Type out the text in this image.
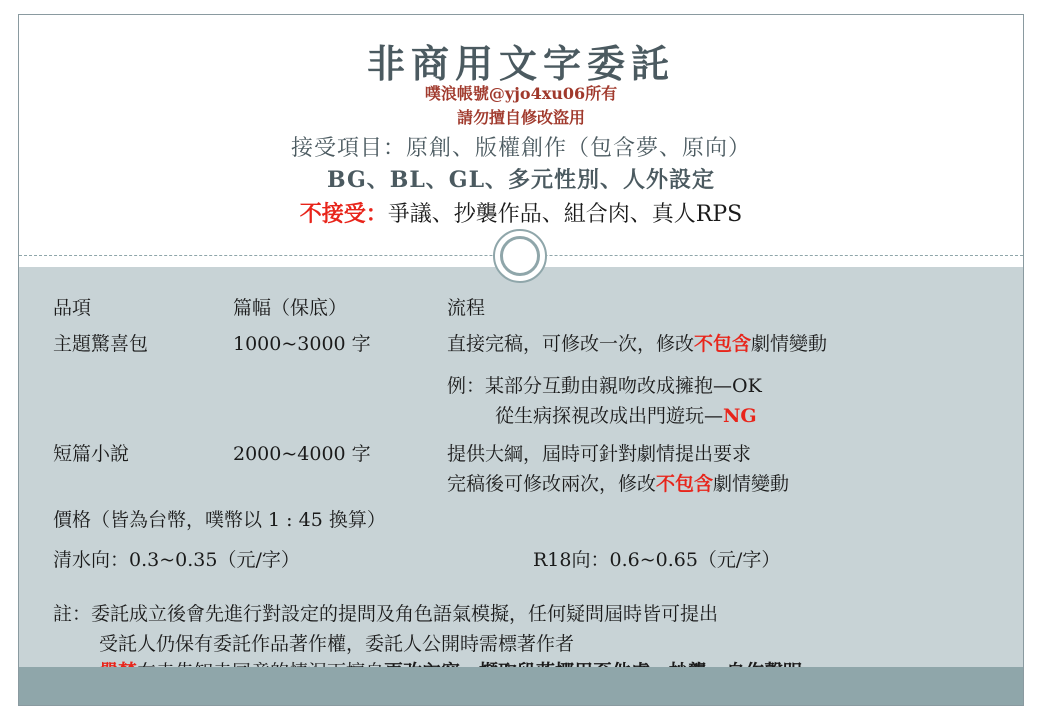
非商用文字委託
噗浪帳號@yjo4xu06所有
請勿擅自修改盜用
接受項目：原創、版權創作（包含夢、原向）
BG、BL、GL、多元性別、人外設定
不接受：爭議、抄襲作品、組合肉、真人RPS
品項	篇幅（保底）	流程
主題驚喜包	1000~3000 字	直接完稿，可修改一次，修改不包含劇情變動
例：某部分互動由親吻改成擁抱—OK
從生病探視改成出門遊玩—NG
短篇小說	2000~4000 字	提供大綱，屆時可針對劇情提出要求
完稿後可修改兩次，修改不包含劇情變動
價格（皆為台幣，噗幣以 1 : 45 換算）
清水向：0.3~0.35（元/字）	R18向：0.6~0.65（元/字）
註：委託成立後會先進行對設定的提問及角色語氣模擬，任何疑問屆時皆可提出
受託人仍保有委託作品著作權，委託人公開時需標著作者
